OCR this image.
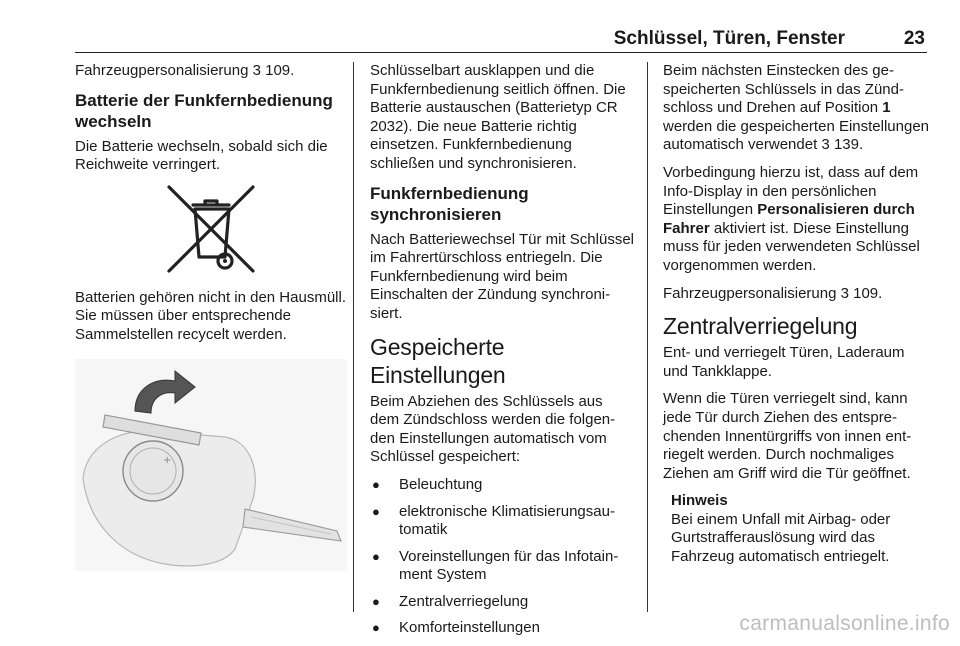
Schlüssel, Türen, Fenster	23

Fahrzeugpersonalisierung 3 109.

Batterie der Funkfernbedienung wechseln

Die Batterie wechseln, sobald sich die Reichweite verringert.

Batterien gehören nicht in den Hausmüll. Sie müssen über entsprechende Sammelstellen recycelt werden.

+

Schlüsselbart ausklappen und die Funkfernbedienung seitlich öffnen. Die Batterie austauschen (Batterietyp CR 2032). Die neue Batterie richtig einsetzen. Funkfernbedienung schließen und synchronisieren.

Funkfernbedienung synchronisieren

Nach Batteriewechsel Tür mit Schlüssel im Fahrertürschloss entriegeln. Die Funkfernbedienung wird beim Einschalten der Zündung synchronisiert.

Gespeicherte Einstellungen

Beim Abziehen des Schlüssels aus dem Zündschloss werden die folgenden Einstellungen automatisch vom Schlüssel gespeichert:

● Beleuchtung
● elektronische Klimatisierungsautomatik
● Voreinstellungen für das Infotainment System
● Zentralverriegelung
● Komforteinstellungen

Beim nächsten Einstecken des gespeicherten Schlüssels in das Zündschloss und Drehen auf Position 1 werden die gespeicherten Einstellungen automatisch verwendet 3 139.

Vorbedingung hierzu ist, dass auf dem Info-Display in den persönlichen Einstellungen Personalisieren durch Fahrer aktiviert ist. Diese Einstellung muss für jeden verwendeten Schlüssel vorgenommen werden.

Fahrzeugpersonalisierung 3 109.

Zentralverriegelung

Ent- und verriegelt Türen, Laderaum und Tankklappe.

Wenn die Türen verriegelt sind, kann jede Tür durch Ziehen des entsprechenden Innentürgriffs von innen entriegelt werden. Durch nochmaliges Ziehen am Griff wird die Tür geöffnet.

Hinweis
Bei einem Unfall mit Airbag- oder Gurtstrafferauslösung wird das Fahrzeug automatisch entriegelt.
carmanualsonline.info
